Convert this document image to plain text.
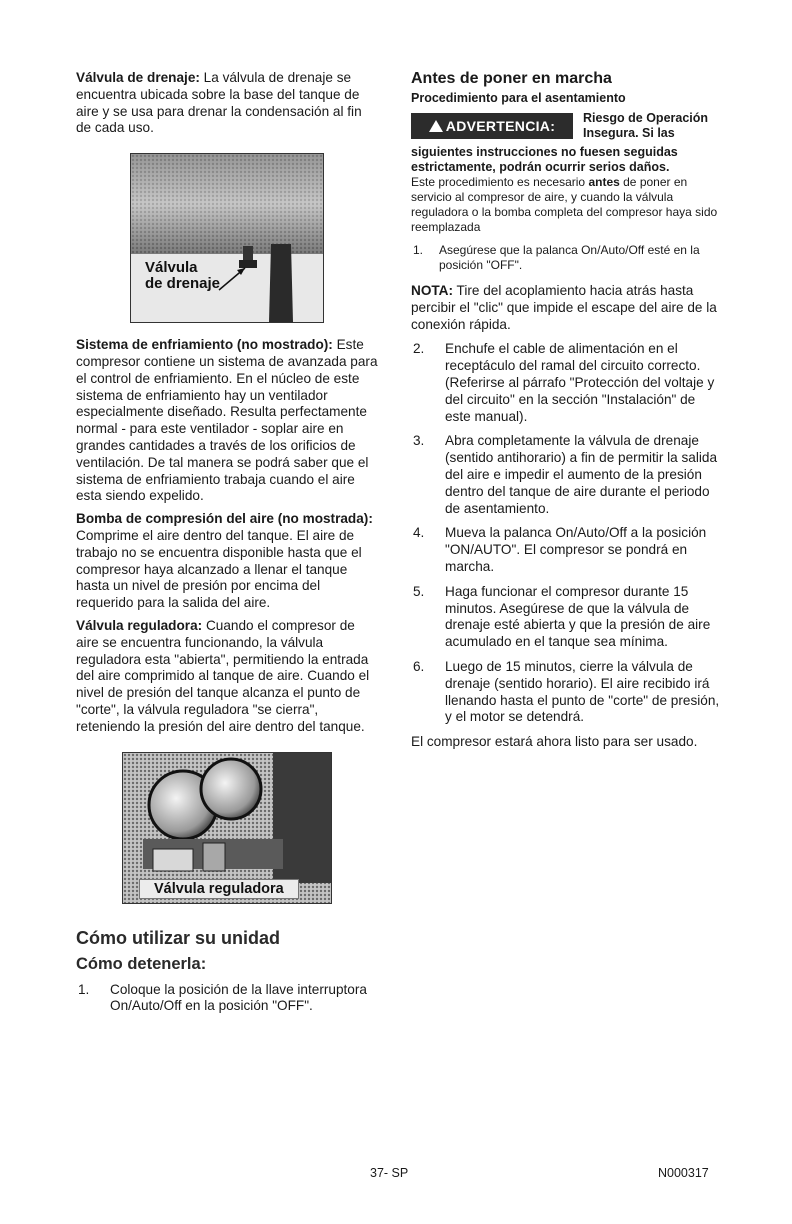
Válvula de drenaje: La válvula de drenaje se encuentra ubicada sobre la base del tanque de aire y se usa para drenar la condensación al fin de cada uso.

Válvula
de drenaje

Sistema de enfriamiento (no mostrado): Este compresor contiene un sistema de avanzada para el control de enfriamiento. En el núcleo de este sistema de enfriamiento hay un ventilador especialmente diseñado. Resulta perfectamente normal - para este ventilador - soplar aire en grandes cantidades a través de los orificios de ventilación. De tal manera se podrá saber que el sistema de enfriamiento trabaja cuando el aire esta siendo expelido.

Bomba de compresión del aire (no mostrada): Comprime el aire dentro del tanque. El aire de trabajo no se encuentra disponible hasta que el compresor haya alcanzado a llenar el tanque hasta un nivel de presión por encima del requerido para la salida del aire.

Válvula reguladora: Cuando el compresor de aire se encuentra funcionando, la válvula reguladora esta "abierta", permitiendo la entrada del aire comprimido al tanque de aire. Cuando el nivel de presión del tanque alcanza el punto de "corte", la válvula reguladora "se cierra", reteniendo la presión del aire dentro del tanque.

Válvula reguladora
Cómo utilizar su unidad
Cómo detenerla:
1. Coloque la posición de la llave interruptora On/Auto/Off en la posición "OFF".
Antes de poner en marcha
Procedimiento para el asentamiento
ADVERTENCIA: Riesgo de Operación Insegura. Si las

siguientes instrucciones no fuesen seguidas estrictamente, podrán ocurrir serios daños.

Este procedimiento es necesario antes de poner en servicio al compresor de aire, y cuando la válvula reguladora o la bomba completa del compresor haya sido reemplazada

1. Asegúrese que la palanca On/Auto/Off esté en la posición "OFF".

NOTA: Tire del acoplamiento hacia atrás hasta percibir el "clic" que impide el escape del aire de la conexión rápida.

2. Enchufe el cable de alimentación en el receptáculo del ramal del circuito correcto. (Referirse al párrafo "Protección del voltaje y del circuito" en la sección "Instalación" de este manual).
3. Abra completamente la válvula de drenaje (sentido antihorario) a fin de permitir la salida del aire e impedir el aumento de la presión dentro del tanque de aire durante el periodo de asentamiento.
4. Mueva la palanca On/Auto/Off a la posición "ON/AUTO". El compresor se pondrá en marcha.
5. Haga funcionar el compresor durante 15 minutos. Asegúrese de que la válvula de drenaje esté abierta y que la presión de aire acumulado en el tanque sea mínima.
6. Luego de 15 minutos, cierre la válvula de drenaje (sentido horario). El aire recibido irá llenando hasta el punto de "corte" de presión, y el motor se detendrá.

El compresor estará ahora listo para ser usado.

37- SP	N000317
